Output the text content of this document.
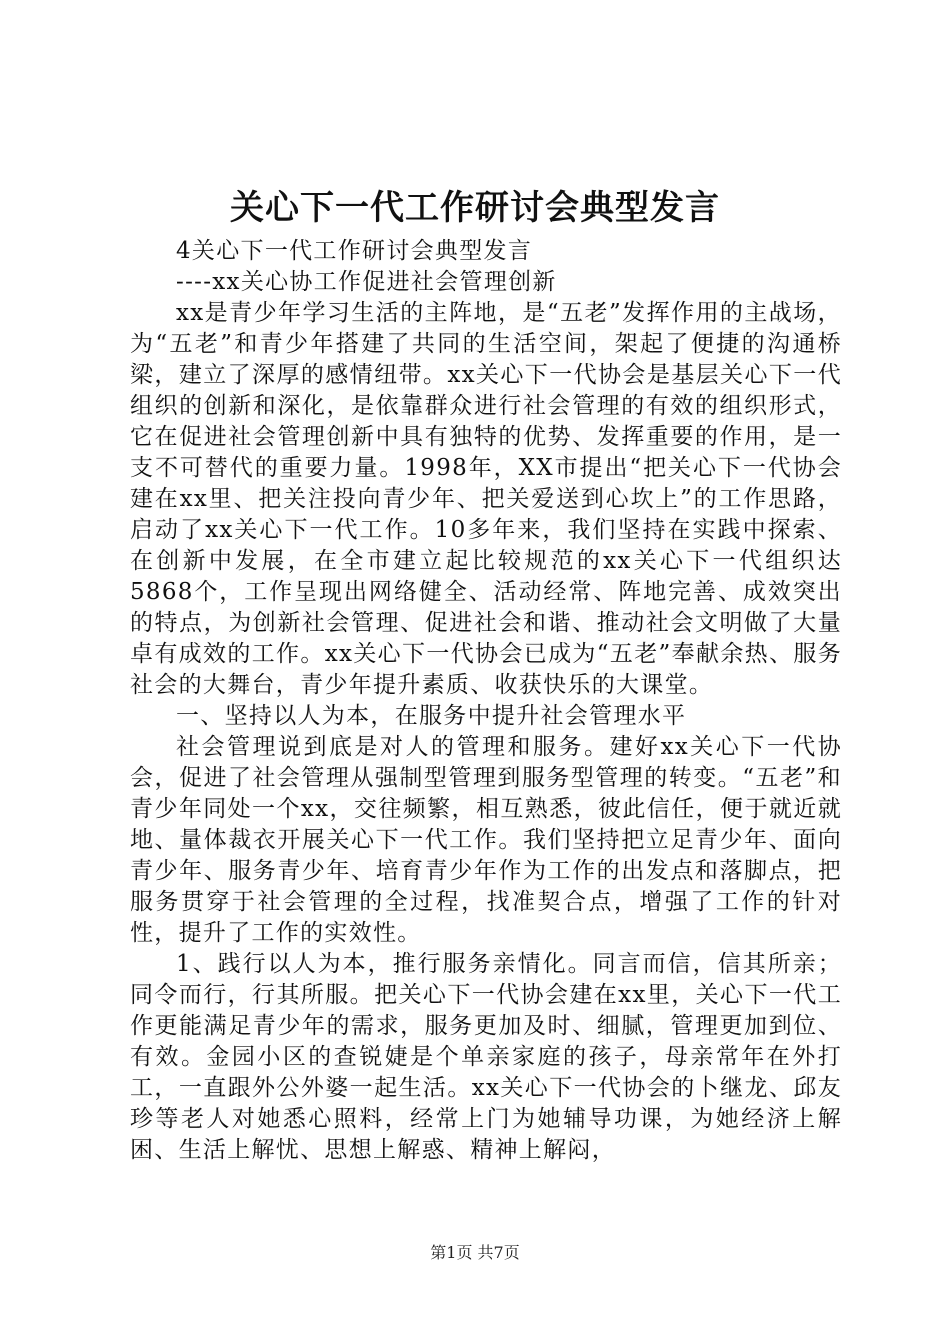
关心下一代工作研讨会典型发言

4关心下一代工作研讨会典型发言

----xx关心协工作促进社会管理创新

xx是青少年学习生活的主阵地，是“五老”发挥作用的主战场，为“五老”和青少年搭建了共同的生活空间，架起了便捷的沟通桥梁，建立了深厚的感情纽带。xx关心下一代协会是基层关心下一代组织的创新和深化，是依靠群众进行社会管理的有效的组织形式，它在促进社会管理创新中具有独特的优势、发挥重要的作用，是一支不可替代的重要力量。1998年，XX市提出“把关心下一代协会建在xx里、把关注投向青少年、把关爱送到心坎上”的工作思路，启动了xx关心下一代工作。10多年来，我们坚持在实践中探索、在创新中发展，在全市建立起比较规范的xx关心下一代组织达5868个，工作呈现出网络健全、活动经常、阵地完善、成效突出的特点，为创新社会管理、促进社会和谐、推动社会文明做了大量卓有成效的工作。xx关心下一代协会已成为“五老”奉献余热、服务社会的大舞台，青少年提升素质、收获快乐的大课堂。

一、坚持以人为本，在服务中提升社会管理水平

社会管理说到底是对人的管理和服务。建好xx关心下一代协会，促进了社会管理从强制型管理到服务型管理的转变。“五老”和青少年同处一个xx，交往频繁，相互熟悉，彼此信任，便于就近就地、量体裁衣开展关心下一代工作。我们坚持把立足青少年、面向青少年、服务青少年、培育青少年作为工作的出发点和落脚点，把服务贯穿于社会管理的全过程，找准契合点，增强了工作的针对性，提升了工作的实效性。

1、践行以人为本，推行服务亲情化。同言而信，信其所亲；同令而行，行其所服。把关心下一代协会建在xx里，关心下一代工作更能满足青少年的需求，服务更加及时、细腻，管理更加到位、有效。金园小区的查锐婕是个单亲家庭的孩子，母亲常年在外打工，一直跟外公外婆一起生活。xx关心下一代协会的卜继龙、邱友珍等老人对她悉心照料，经常上门为她辅导功课，为她经济上解困、生活上解忧、思想上解惑、精神上解闷，

第1页 共7页
